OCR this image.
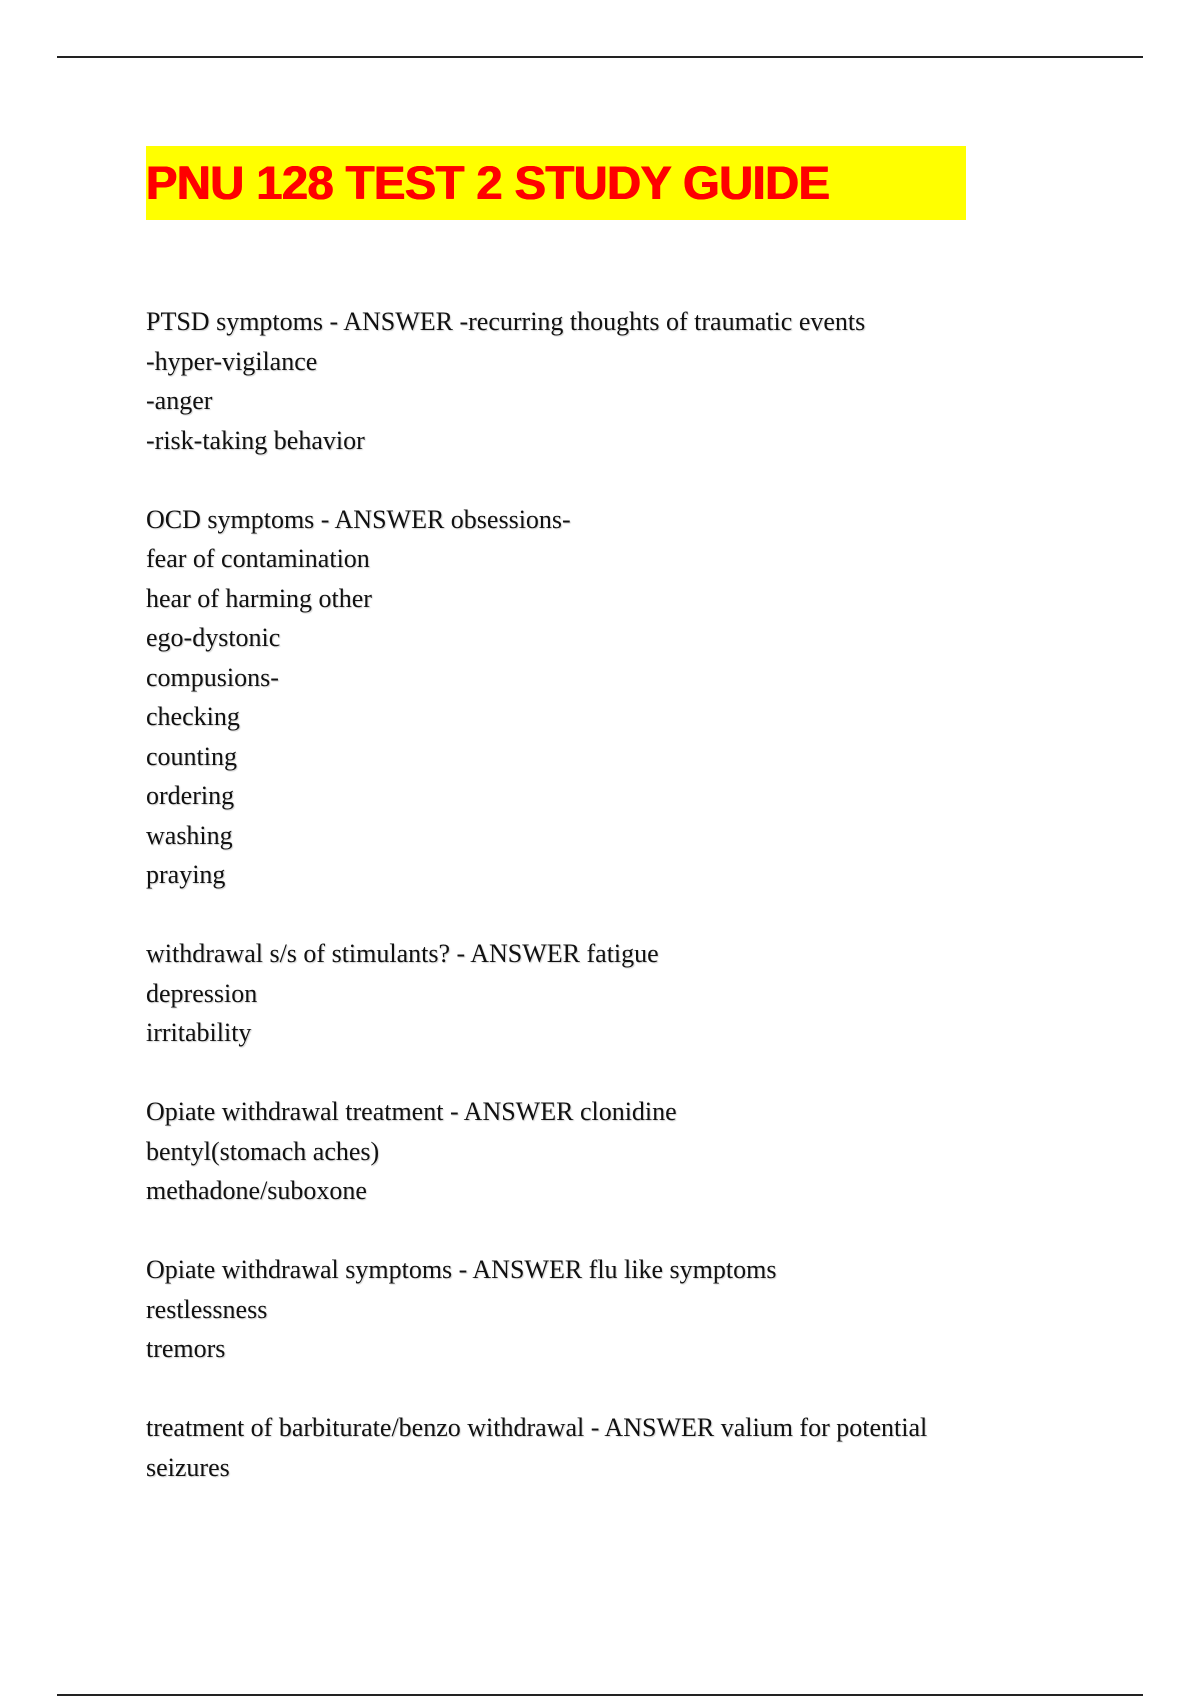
PNU 128 TEST 2 STUDY GUIDE
PTSD symptoms - ANSWER -recurring thoughts of traumatic events
-hyper-vigilance
-anger
-risk-taking behavior
OCD symptoms - ANSWER obsessions-
fear of contamination
hear of harming other
ego-dystonic
compusions-
checking
counting
ordering
washing
praying
withdrawal s/s of stimulants? - ANSWER fatigue
depression
irritability
Opiate withdrawal treatment - ANSWER clonidine
bentyl(stomach aches)
methadone/suboxone
Opiate withdrawal symptoms - ANSWER flu like symptoms
restlessness
tremors
treatment of barbiturate/benzo withdrawal - ANSWER valium for potential
seizures
